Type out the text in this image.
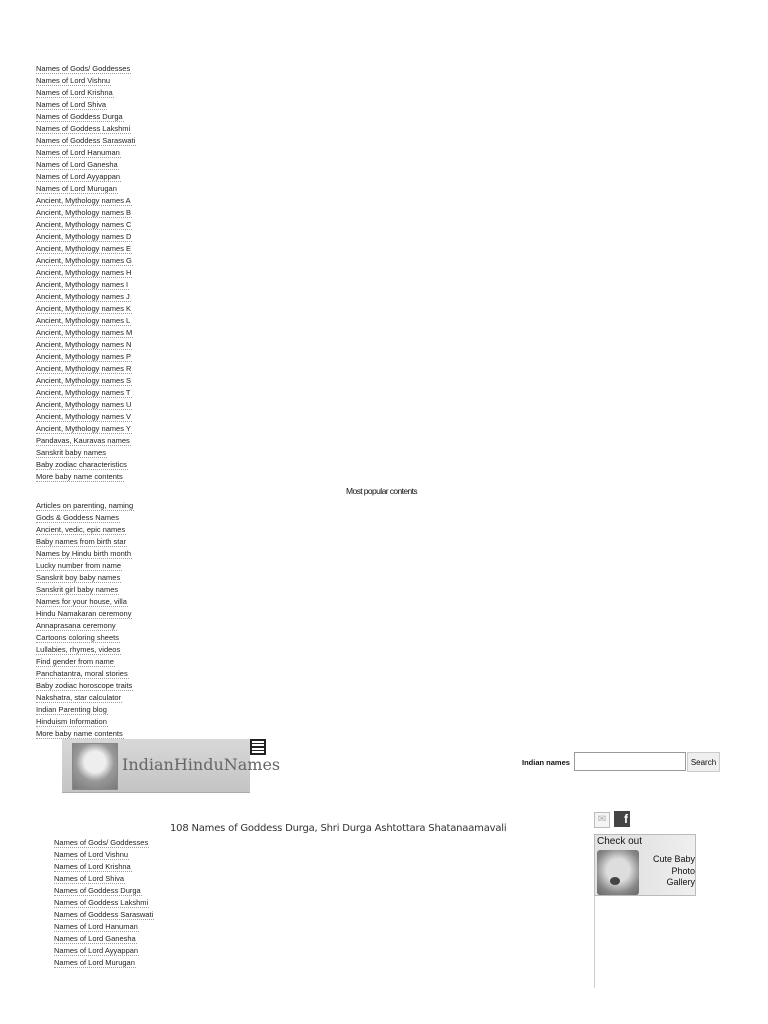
Names of Gods/ Goddesses
Names of Lord Vishnu
Names of Lord Krishna
Names of Lord Shiva
Names of Goddess Durga
Names of Goddess Lakshmi
Names of Goddess Saraswati
Names of Lord Hanuman
Names of Lord Ganesha
Names of Lord Ayyappan
Names of Lord Murugan
Ancient, Mythology names A
Ancient, Mythology names B
Ancient, Mythology names C
Ancient, Mythology names D
Ancient, Mythology names E
Ancient, Mythology names G
Ancient, Mythology names H
Ancient, Mythology names I
Ancient, Mythology names J
Ancient, Mythology names K
Ancient, Mythology names L
Ancient, Mythology names M
Ancient, Mythology names N
Ancient, Mythology names P
Ancient, Mythology names R
Ancient, Mythology names S
Ancient, Mythology names T
Ancient, Mythology names U
Ancient, Mythology names V
Ancient, Mythology names Y
Pandavas, Kauravas names
Sanskrit baby names
Baby zodiac characteristics
More baby name contents
Most popular contents
Articles on parenting, naming
Gods & Goddess Names
Ancient, vedic, epic names
Baby names from birth star
Names by Hindu birth month
Lucky number from name
Sanskrit boy baby names
Sanskrit girl baby names
Names for your house, villa
Hindu Namakaran ceremony
Annaprasana ceremony
Cartoons coloring sheets
Lullabies, rhymes, videos
Find gender from name
Panchatantra, moral stories
Baby zodiac horoscope traits
Nakshatra, star calculator
Indian Parenting blog
Hinduism Information
More baby name contents
IndianHinduNames	Indian names	Search
108 Names of Goddess Durga, Shri Durga Ashtottara Shatanaamavali
Names of Gods/ Goddesses
Names of Lord Vishnu
Names of Lord Krishna
Names of Lord Shiva
Names of Goddess Durga
Names of Goddess Lakshmi
Names of Goddess Saraswati
Names of Lord Hanuman
Names of Lord Ganesha
Names of Lord Ayyappan
Names of Lord Murugan
✉	f
Check out
Cute Baby
Photo
Gallery
